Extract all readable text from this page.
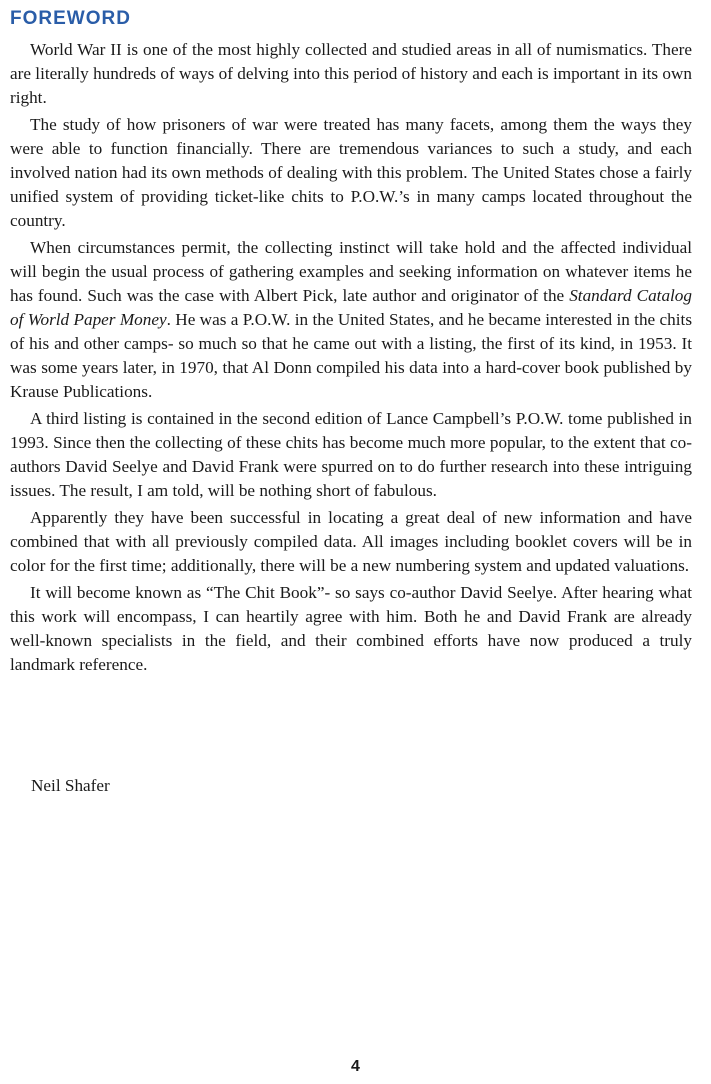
FOREWORD

World War II is one of the most highly collected and studied areas in all of numismatics. There are literally hundreds of ways of delving into this period of history and each is important in its own right.

The study of how prisoners of war were treated has many facets, among them the ways they were able to function financially. There are tremendous variances to such a study, and each involved nation had its own methods of dealing with this problem. The United States chose a fairly unified system of providing ticket-like chits to P.O.W.’s in many camps located throughout the country.

When circumstances permit, the collecting instinct will take hold and the affected individual will begin the usual process of gathering examples and seeking information on whatever items he has found. Such was the case with Albert Pick, late author and originator of the Standard Catalog of World Paper Money. He was a P.O.W. in the United States, and he became interested in the chits of his and other camps- so much so that he came out with a listing, the first of its kind, in 1953. It was some years later, in 1970, that Al Donn compiled his data into a hard-cover book published by Krause Publications.

A third listing is contained in the second edition of Lance Campbell’s P.O.W. tome published in 1993. Since then the collecting of these chits has become much more popular, to the extent that co-authors David Seelye and David Frank were spurred on to do further research into these intriguing issues. The result, I am told, will be nothing short of fabulous.

Apparently they have been successful in locating a great deal of new information and have combined that with all previously compiled data. All images including booklet covers will be in color for the first time; additionally, there will be a new numbering system and updated valuations.

It will become known as “The Chit Book”- so says co-author David Seelye. After hearing what this work will encompass, I can heartily agree with him. Both he and David Frank are already well-known specialists in the field, and their combined efforts have now produced a truly landmark reference.

Neil Shafer
4
